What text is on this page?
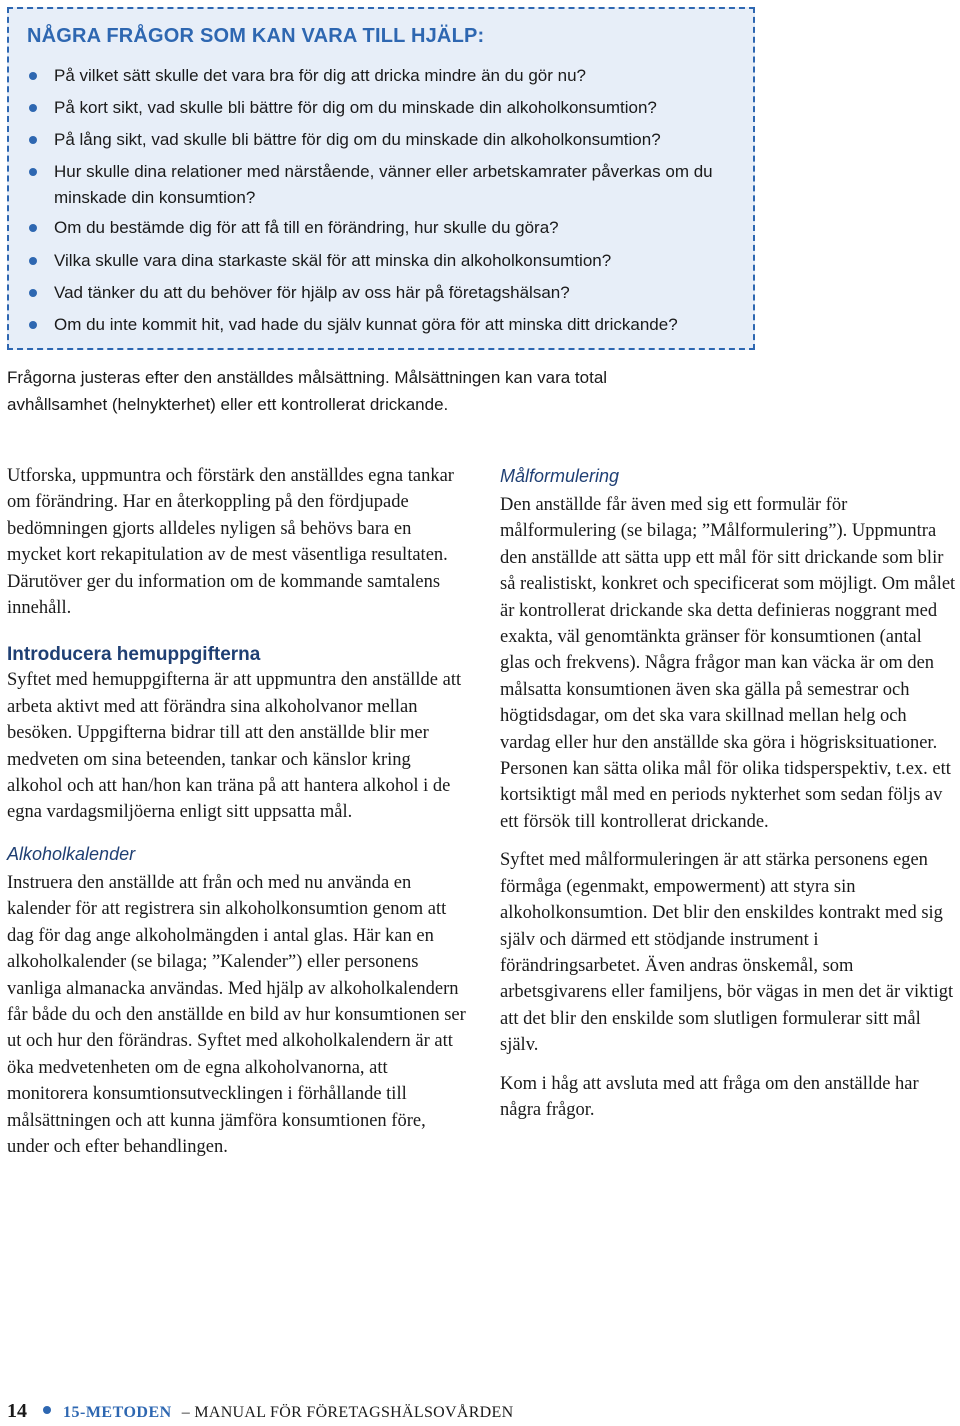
NÅGRA FRÅGOR SOM KAN VARA TILL HJÄLP:
På vilket sätt skulle det vara bra för dig att dricka mindre än du gör nu?
På kort sikt, vad skulle bli bättre för dig om du minskade din alkoholkonsumtion?
På lång sikt, vad skulle bli bättre för dig om du minskade din alkoholkonsumtion?
Hur skulle dina relationer med närstående, vänner eller arbetskamrater påverkas om du minskade din konsumtion?
Om du bestämde dig för att få till en förändring, hur skulle du göra?
Vilka skulle vara dina starkaste skäl för att minska din alkoholkonsumtion?
Vad tänker du att du behöver för hjälp av oss här på företagshälsan?
Om du inte kommit hit, vad hade du själv kunnat göra för att minska ditt drickande?
Frågorna justeras efter den anställdes målsättning. Målsättningen kan vara total avhållsamhet (helnykterhet) eller ett kontrollerat drickande.

Utforska, uppmuntra och förstärk den anställdes egna tankar om förändring. Har en återkoppling på den fördjupade bedömningen gjorts alldeles nyligen så behövs bara en mycket kort rekapitulation av de mest väsentliga resultaten. Därutöver ger du information om de kommande samtalens innehåll.

Introducera hemuppgifterna

Syftet med hemuppgifterna är att uppmuntra den anställde att arbeta aktivt med att förändra sina alkoholvanor mellan besöken. Uppgifterna bidrar till att den anställde blir mer medveten om sina beteenden, tankar och känslor kring alkohol och att han/hon kan träna på att hantera alkohol i de egna vardagsmiljöerna enligt sitt uppsatta mål.

Alkoholkalender

Instruera den anställde att från och med nu använda en kalender för att registrera sin alkoholkonsumtion genom att dag för dag ange alkoholmängden i antal glas. Här kan en alkoholkalender (se bilaga; ”Kalender”) eller personens vanliga almanacka användas. Med hjälp av alkoholkalendern får både du och den anställde en bild av hur konsumtionen ser ut och hur den förändras. Syftet med alkoholkalendern är att öka medvetenheten om de egna alkoholvanorna, att monitorera konsumtionsutvecklingen i förhållande till målsättningen och att kunna jämföra konsumtionen före, under och efter behandlingen.

Målformulering

Den anställde får även med sig ett formulär för målformulering (se bilaga; ”Målformulering”). Uppmuntra den anställde att sätta upp ett mål för sitt drickande som blir så realistiskt, konkret och specificerat som möjligt. Om målet är kontrollerat drickande ska detta definieras noggrant med exakta, väl genomtänkta gränser för konsumtionen (antal glas och frekvens). Några frågor man kan väcka är om den målsatta konsumtionen även ska gälla på semestrar och högtidsdagar, om det ska vara skillnad mellan helg och vardag eller hur den anställde ska göra i högrisksituationer. Personen kan sätta olika mål för olika tidsperspektiv, t.ex. ett kortsiktigt mål med en periods nykterhet som sedan följs av ett försök till kontrollerat drickande.

Syftet med målformuleringen är att stärka personens egen förmåga (egenmakt, empowerment) att styra sin alkoholkonsumtion. Det blir den enskildes kontrakt med sig själv och därmed ett stödjande instrument i förändringsarbetet. Även andras önskemål, som arbetsgivarens eller familjens, bör vägas in men det är viktigt att det blir den enskilde som slutligen formulerar sitt mål själv.

Kom i håg att avsluta med att fråga om den anställde har några frågor.

14 15-METODEN – MANUAL FÖR FÖRETAGSHÄLSOVÅRDEN
